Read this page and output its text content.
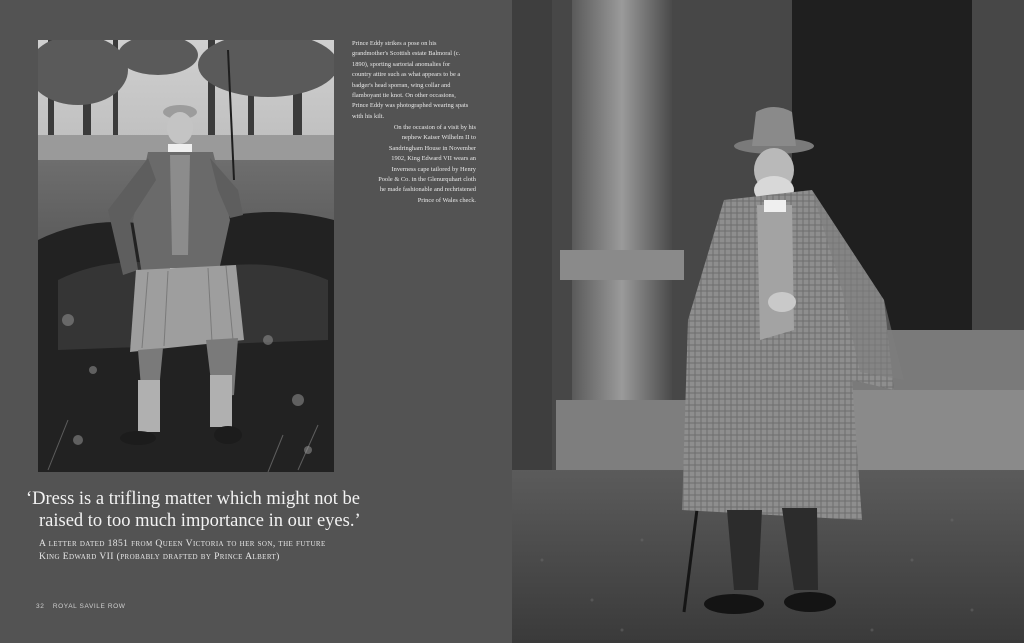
Prince Eddy strikes a pose on his grandmother's Scottish estate Balmoral (c. 1890), sporting sartorial anomalies for country attire such as what appears to be a badger's head sporran, wing collar and flamboyant tie knot. On other occasions, Prince Eddy was photographed wearing spats with his kilt.
On the occasion of a visit by his nephew Kaiser Wilhelm II to Sandringham House in November 1902, King Edward VII wears an Inverness cape tailored by Henry Poole & Co. in the Glenurquhart cloth he made fashionable and rechristened Prince of Wales check.
‘Dress is a trifling matter which might not be
raised to too much importance in our eyes.’
A letter dated 1851 from Queen Victoria to her son, the future
King Edward VII (probably drafted by Prince Albert)
32 ROYAL SAVILE ROW
